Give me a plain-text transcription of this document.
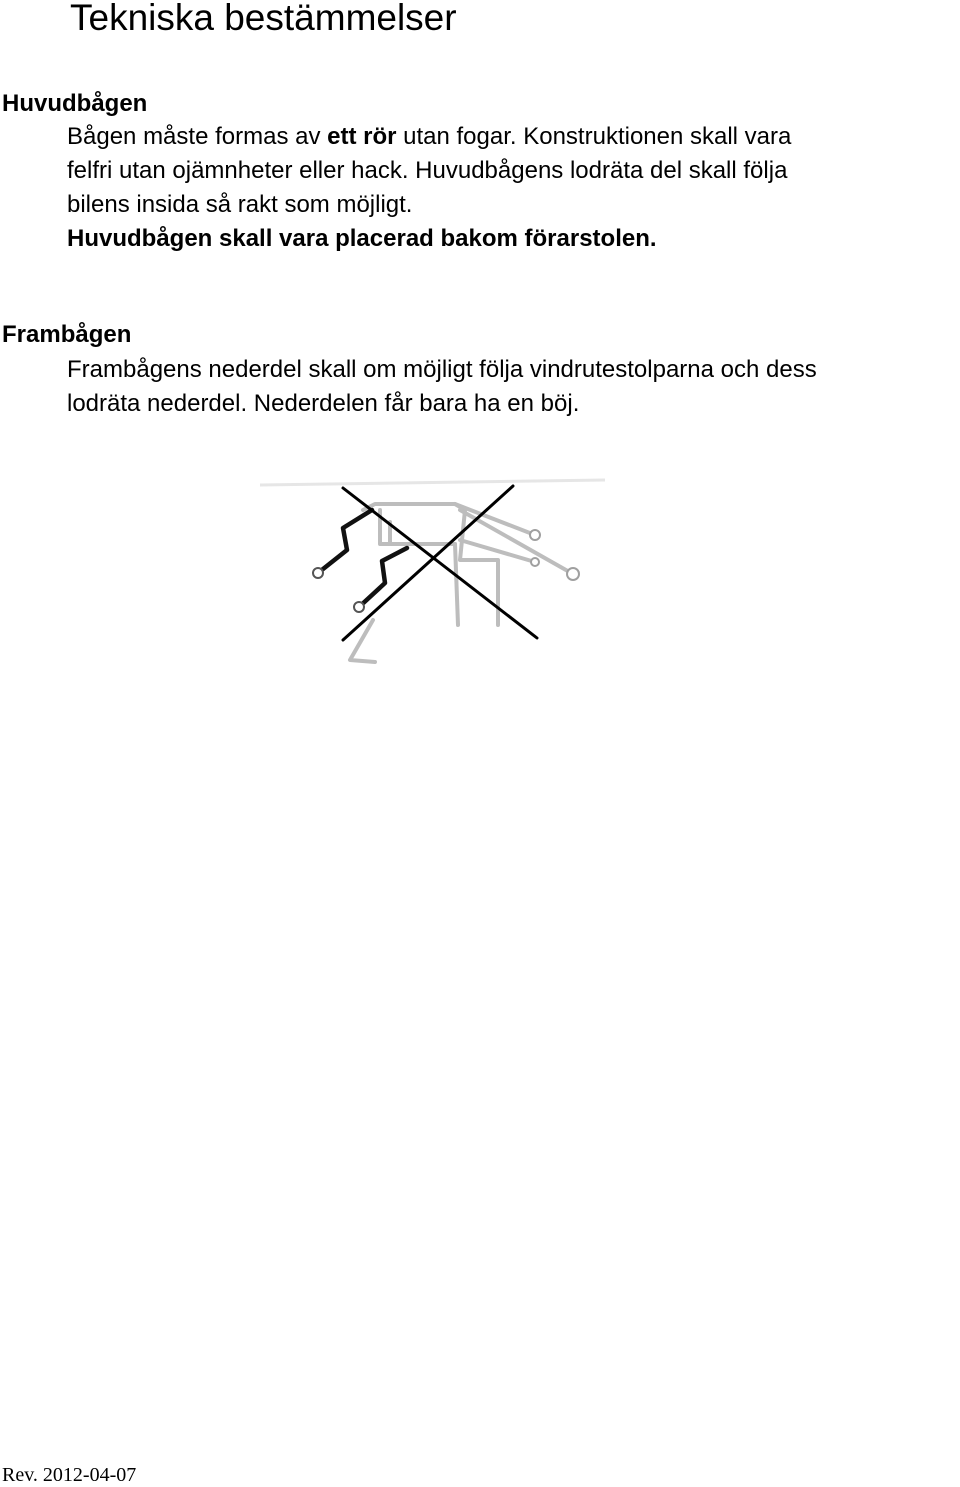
Tekniska bestämmelser
Huvudbågen
Bågen måste formas av ett rör utan fogar. Konstruktionen skall vara
felfri utan ojämnheter eller hack. Huvudbågens lodräta del skall följa
bilens insida så rakt som möjligt.
Huvudbågen skall vara placerad bakom förarstolen.
Frambågen
Frambågens nederdel skall om möjligt följa vindrutestolparna och dess
lodräta nederdel. Nederdelen får bara ha en böj.
Rev. 2012-04-07
